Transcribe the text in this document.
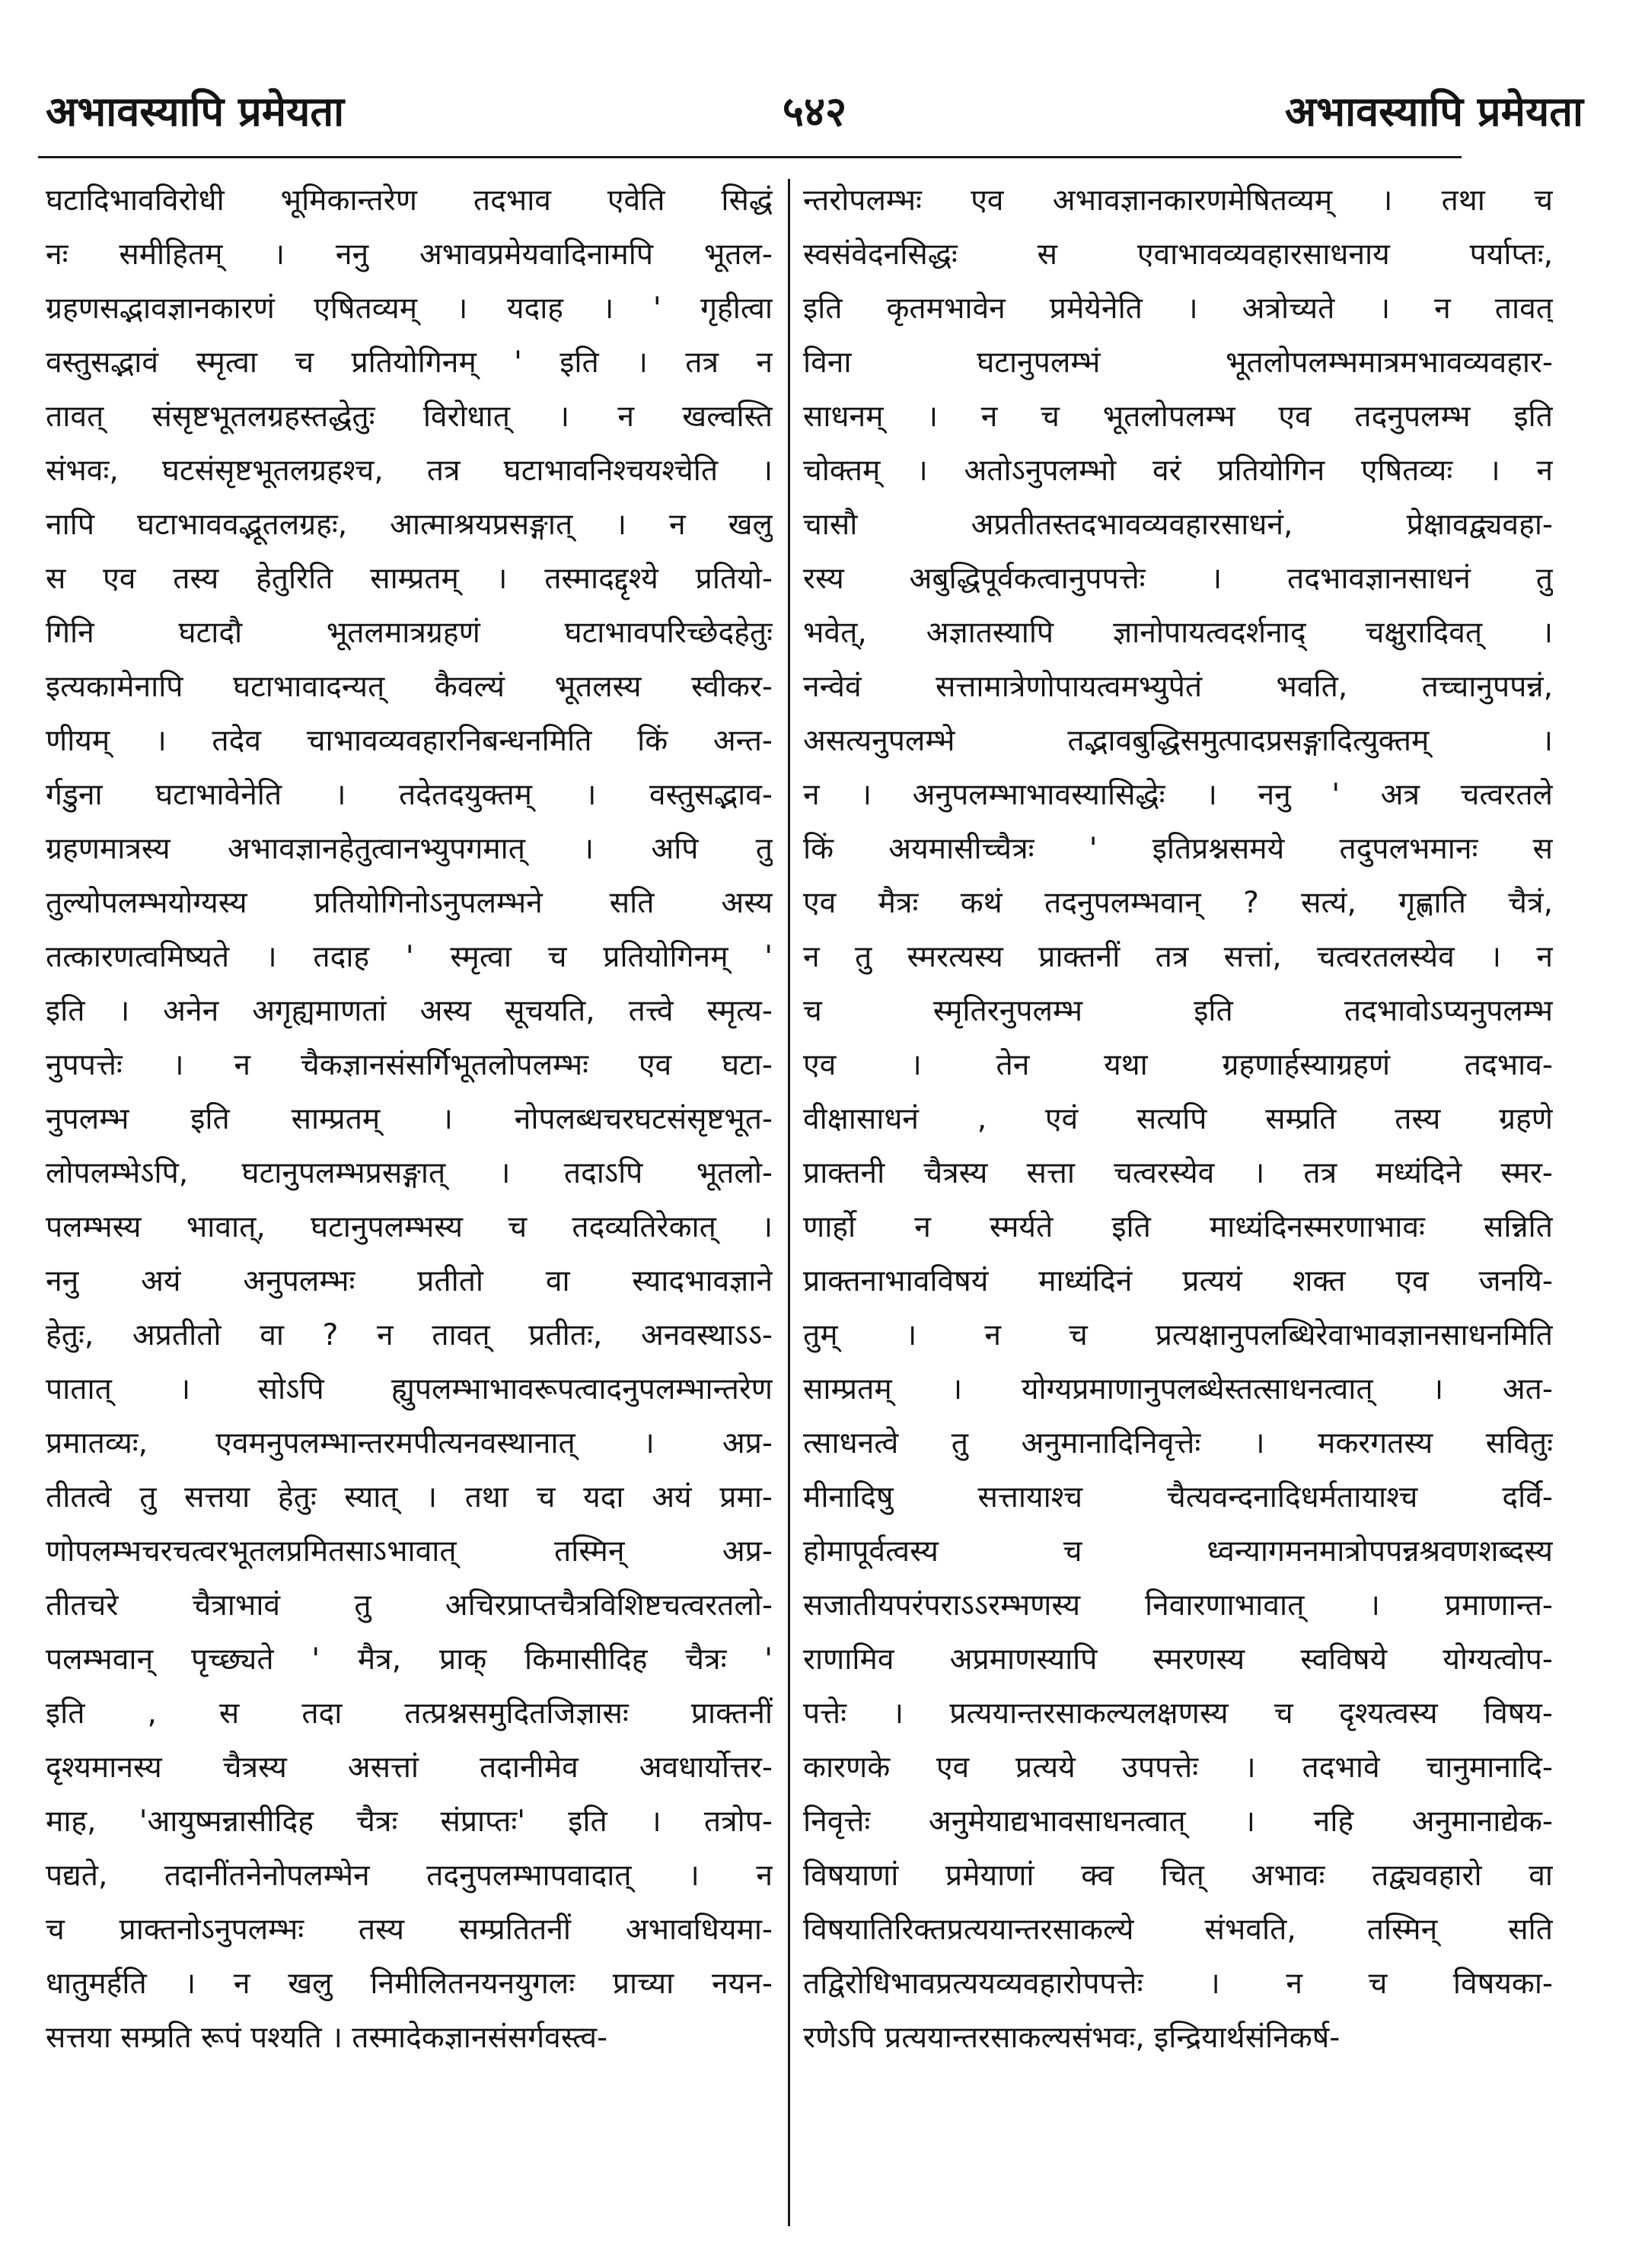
अभावस्यापि प्रमेयता	५४२	अभावस्यापि प्रमेयता
घटादिभावविरोधी भूमिकान्तरेण तदभाव एवेति सिद्धं
नः समीहितम् । ननु अभावप्रमेयवादिनामपि भूतल-
ग्रहणसद्भावज्ञानकारणं एषितव्यम् । यदाह । ' गृहीत्वा
वस्तुसद्भावं स्मृत्वा च प्रतियोगिनम् ' इति । तत्र न
तावत् संसृष्टभूतलग्रहस्तद्धेतुः विरोधात् । न खल्वस्ति
संभवः, घटसंसृष्टभूतलग्रहश्च, तत्र घटाभावनिश्चयश्चेति ।
नापि घटाभाववद्भूतलग्रहः, आत्माश्रयप्रसङ्गात् । न खलु
स एव तस्य हेतुरिति साम्प्रतम् । तस्मादद्दृश्ये प्रतियो-
गिनि घटादौ भूतलमात्रग्रहणं घटाभावपरिच्छेदहेतुः
इत्यकामेनापि घटाभावादन्यत् कैवल्यं भूतलस्य स्वीकर-
णीयम् । तदेव चाभावव्यवहारनिबन्धनमिति किं अन्त-
र्गडुना घटाभावेनेति । तदेतदयुक्तम् । वस्तुसद्भाव-
ग्रहणमात्रस्य अभावज्ञानहेतुत्वानभ्युपगमात् । अपि तु
तुल्योपलम्भयोग्यस्य प्रतियोगिनोऽनुपलम्भने सति अस्य
तत्कारणत्वमिष्यते । तदाह ' स्मृत्वा च प्रतियोगिनम् '
इति । अनेन अगृह्यमाणतां अस्य सूचयति, तत्त्वे स्मृत्य-
नुपपत्तेः । न चैकज्ञानसंसर्गिभूतलोपलम्भः एव घटा-
नुपलम्भ इति साम्प्रतम् । नोपलब्धचरघटसंसृष्टभूत-
लोपलम्भेऽपि, घटानुपलम्भप्रसङ्गात् । तदाऽपि भूतलो-
पलम्भस्य भावात्, घटानुपलम्भस्य च तदव्यतिरेकात् ।
ननु अयं अनुपलम्भः प्रतीतो वा स्यादभावज्ञाने
हेतुः, अप्रतीतो वा ? न तावत् प्रतीतः, अनवस्थाऽऽ-
पातात् । सोऽपि ह्युपलम्भाभावरूपत्वादनुपलम्भान्तरेण
प्रमातव्यः, एवमनुपलम्भान्तरमपीत्यनवस्थानात् । अप्र-
तीतत्वे तु सत्तया हेतुः स्यात् । तथा च यदा अयं प्रमा-
णोपलम्भचरचत्वरभूतलप्रमितसाऽभावात् तस्मिन् अप्र-
तीतचरे चैत्राभावं तु अचिरप्राप्तचैत्रविशिष्टचत्वरतलो-
पलम्भवान् पृच्छ्यते ' मैत्र, प्राक् किमासीदिह चैत्रः '
इति , स तदा तत्प्रश्नसमुदितजिज्ञासः प्राक्तनीं
दृश्यमानस्य चैत्रस्य असत्तां तदानीमेव अवधार्योत्तर-
माह, 'आयुष्मन्नासीदिह चैत्रः संप्राप्तः' इति । तत्रोप-
पद्यते, तदानींतनेनोपलम्भेन तदनुपलम्भापवादात् । न
च प्राक्तनोऽनुपलम्भः तस्य सम्प्रतितनीं अभावधियमा-
धातुमर्हति । न खलु निमीलितनयनयुगलः प्राच्या नयन-
सत्तया सम्प्रति रूपं पश्यति । तस्मादेकज्ञानसंसर्गवस्त्व-
न्तरोपलम्भः एव अभावज्ञानकारणमेषितव्यम् । तथा च
स्वसंवेदनसिद्धः स एवाभावव्यवहारसाधनाय पर्याप्तः,
इति कृतमभावेन प्रमेयेनेति । अत्रोच्यते । न तावत्
विना घटानुपलम्भं भूतलोपलम्भमात्रमभावव्यवहार-
साधनम् । न च भूतलोपलम्भ एव तदनुपलम्भ इति
चोक्तम् । अतोऽनुपलम्भो वरं प्रतियोगिन एषितव्यः । न
चासौ अप्रतीतस्तदभावव्यवहारसाधनं, प्रेक्षावद्व्यवहा-
रस्य अबुद्धिपूर्वकत्वानुपपत्तेः । तदभावज्ञानसाधनं तु
भवेत्, अज्ञातस्यापि ज्ञानोपायत्वदर्शनाद् चक्षुरादिवत् ।
नन्वेवं सत्तामात्रेणोपायत्वमभ्युपेतं भवति, तच्चानुपपन्नं,
असत्यनुपलम्भे तद्भावबुद्धिसमुत्पादप्रसङ्गादित्युक्तम् ।
न । अनुपलम्भाभावस्यासिद्धेः । ननु ' अत्र चत्वरतले
किं अयमासीच्चैत्रः ' इतिप्रश्नसमये तदुपलभमानः स
एव मैत्रः कथं तदनुपलम्भवान् ? सत्यं, गृह्णाति चैत्रं,
न तु स्मरत्यस्य प्राक्तनीं तत्र सत्तां, चत्वरतलस्येव । न
च स्मृतिरनुपलम्भ इति तदभावोऽप्यनुपलम्भ
एव । तेन यथा ग्रहणार्हस्याग्रहणं तदभाव-
वीक्षासाधनं , एवं सत्यपि सम्प्रति तस्य ग्रहणे
प्राक्तनी चैत्रस्य सत्ता चत्वरस्येव । तत्र मध्यंदिने स्मर-
णार्हो न स्मर्यते इति माध्यंदिनस्मरणाभावः सन्निति
प्राक्तनाभावविषयं माध्यंदिनं प्रत्ययं शक्त एव जनयि-
तुम् । न च प्रत्यक्षानुपलब्धिरेवाभावज्ञानसाधनमिति
साम्प्रतम् । योग्यप्रमाणानुपलब्धेस्तत्साधनत्वात् । अत-
त्साधनत्वे तु अनुमानादिनिवृत्तेः । मकरगतस्य सवितुः
मीनादिषु सत्तायाश्च चैत्यवन्दनादिधर्मतायाश्च दर्वि-
होमापूर्वत्वस्य च ध्वन्यागमनमात्रोपपन्नश्रवणशब्दस्य
सजातीयपरंपराऽऽरम्भणस्य निवारणाभावात् । प्रमाणान्त-
राणामिव अप्रमाणस्यापि स्मरणस्य स्वविषये योग्यत्वोप-
पत्तेः । प्रत्ययान्तरसाकल्यलक्षणस्य च दृश्यत्वस्य विषय-
कारणके एव प्रत्यये उपपत्तेः । तदभावे चानुमानादि-
निवृत्तेः अनुमेयाद्यभावसाधनत्वात् । नहि अनुमानाद्येक-
विषयाणां प्रमेयाणां क्व चित् अभावः तद्व्यवहारो वा
विषयातिरिक्तप्रत्ययान्तरसाकल्ये संभवति, तस्मिन् सति
तद्विरोधिभावप्रत्ययव्यवहारोपपत्तेः । न च विषयका-
रणेऽपि प्रत्ययान्तरसाकल्यसंभवः, इन्द्रियार्थसंनिकर्ष-
